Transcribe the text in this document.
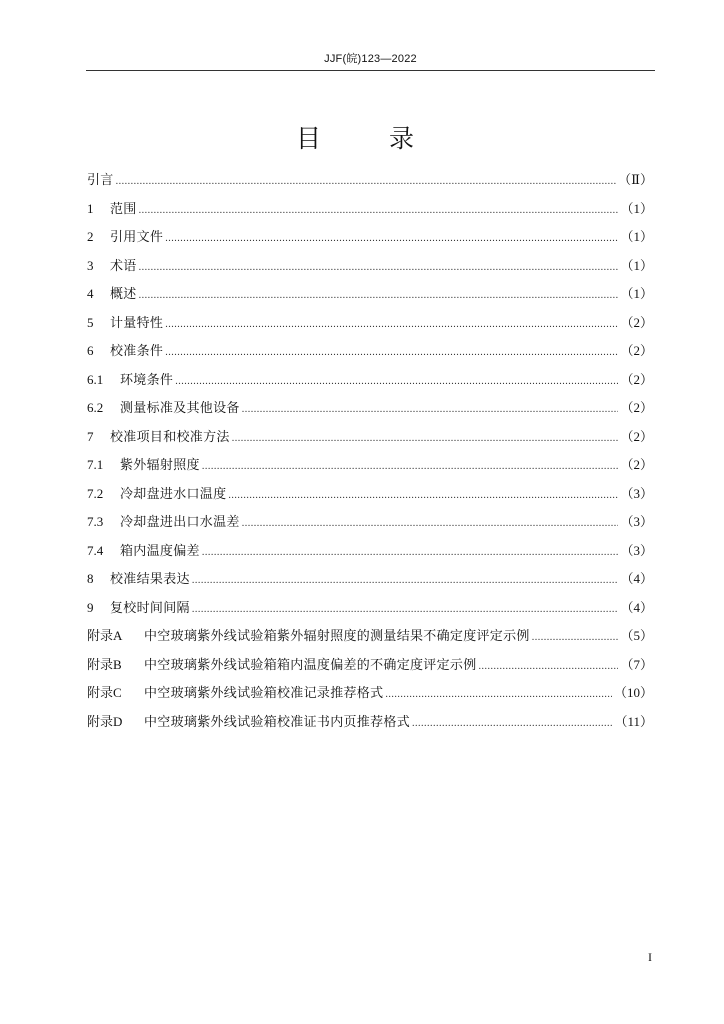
JJF(皖)123—2022
目 录
引言 .....	（Ⅱ）
1	范围 .....	（1）
2	引用文件 .....	（1）
3	术语 .....	（1）
4	概述 .....	（1）
5	计量特性 .....	（2）
6	校准条件 .....	（2）
6.1	环境条件 .....	（2）
6.2	测量标准及其他设备 .....	（2）
7	校准项目和校准方法 .....	（2）
7.1	紫外辐射照度 .....	（2）
7.2	冷却盘进水口温度 .....	（3）
7.3	冷却盘进出口水温差 .....	（3）
7.4	箱内温度偏差 .....	（3）
8	校准结果表达 .....	（4）
9	复校时间间隔 .....	（4）
附录A	中空玻璃紫外线试验箱紫外辐射照度的测量结果不确定度评定示例 .....	（5）
附录B	中空玻璃紫外线试验箱箱内温度偏差的不确定度评定示例 .....	（7）
附录C	中空玻璃紫外线试验箱校准记录推荐格式 .....	（10）
附录D	中空玻璃紫外线试验箱校准证书内页推荐格式 .....	（11）
I
